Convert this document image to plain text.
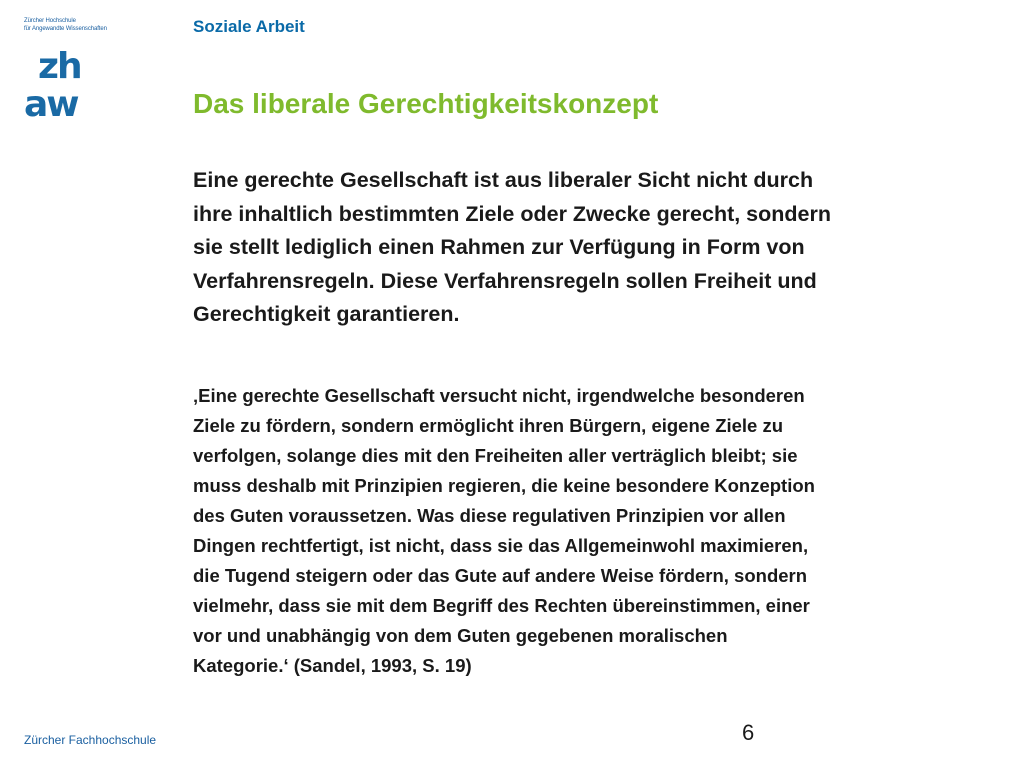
Zürcher Hochschule
für Angewandte Wissenschaften
zh
aw
Soziale Arbeit
Das liberale Gerechtigkeitskonzept

Eine gerechte Gesellschaft ist aus liberaler Sicht nicht durch
ihre inhaltlich bestimmten Ziele oder Zwecke gerecht, sondern
sie stellt lediglich einen Rahmen zur Verfügung in Form von
Verfahrensregeln. Diese Verfahrensregeln sollen Freiheit und
Gerechtigkeit garantieren.

‚Eine gerechte Gesellschaft versucht nicht, irgendwelche besonderen
Ziele zu fördern, sondern ermöglicht ihren Bürgern, eigene Ziele zu
verfolgen, solange dies mit den Freiheiten aller verträglich bleibt; sie
muss deshalb mit Prinzipien regieren, die keine besondere Konzeption
des Guten voraussetzen. Was diese regulativen Prinzipien vor allen
Dingen rechtfertigt, ist nicht, dass sie das Allgemeinwohl maximieren,
die Tugend steigern oder das Gute auf andere Weise fördern, sondern
vielmehr, dass sie mit dem Begriff des Rechten übereinstimmen, einer
vor und unabhängig von dem Guten gegebenen moralischen
Kategorie.‘ (Sandel, 1993, S. 19)

Zürcher Fachhochschule	6
